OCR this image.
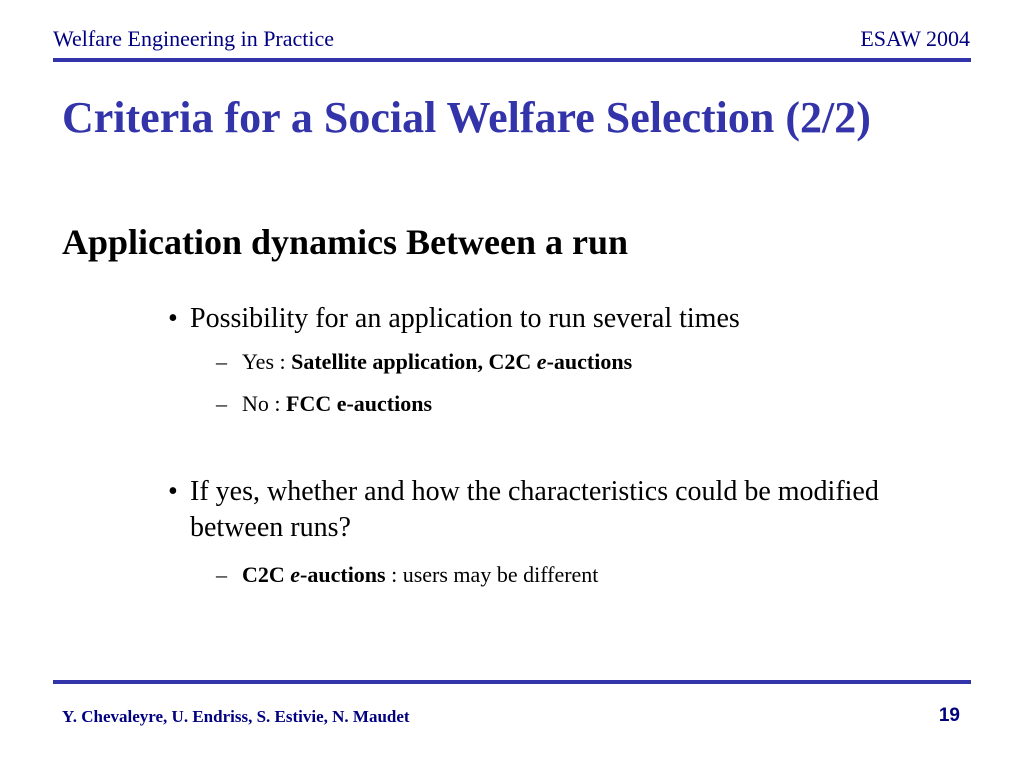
Welfare Engineering in Practice	ESAW 2004
Criteria for a Social Welfare Selection (2/2)
Application dynamics Between a run
• Possibility for an application to run several times
– Yes : Satellite application, C2C e-auctions
– No : FCC e-auctions
• If yes, whether and how the characteristics could be modified between runs?
– C2C e-auctions : users may be different
Y. Chevaleyre, U. Endriss, S. Estivie, N. Maudet	19
